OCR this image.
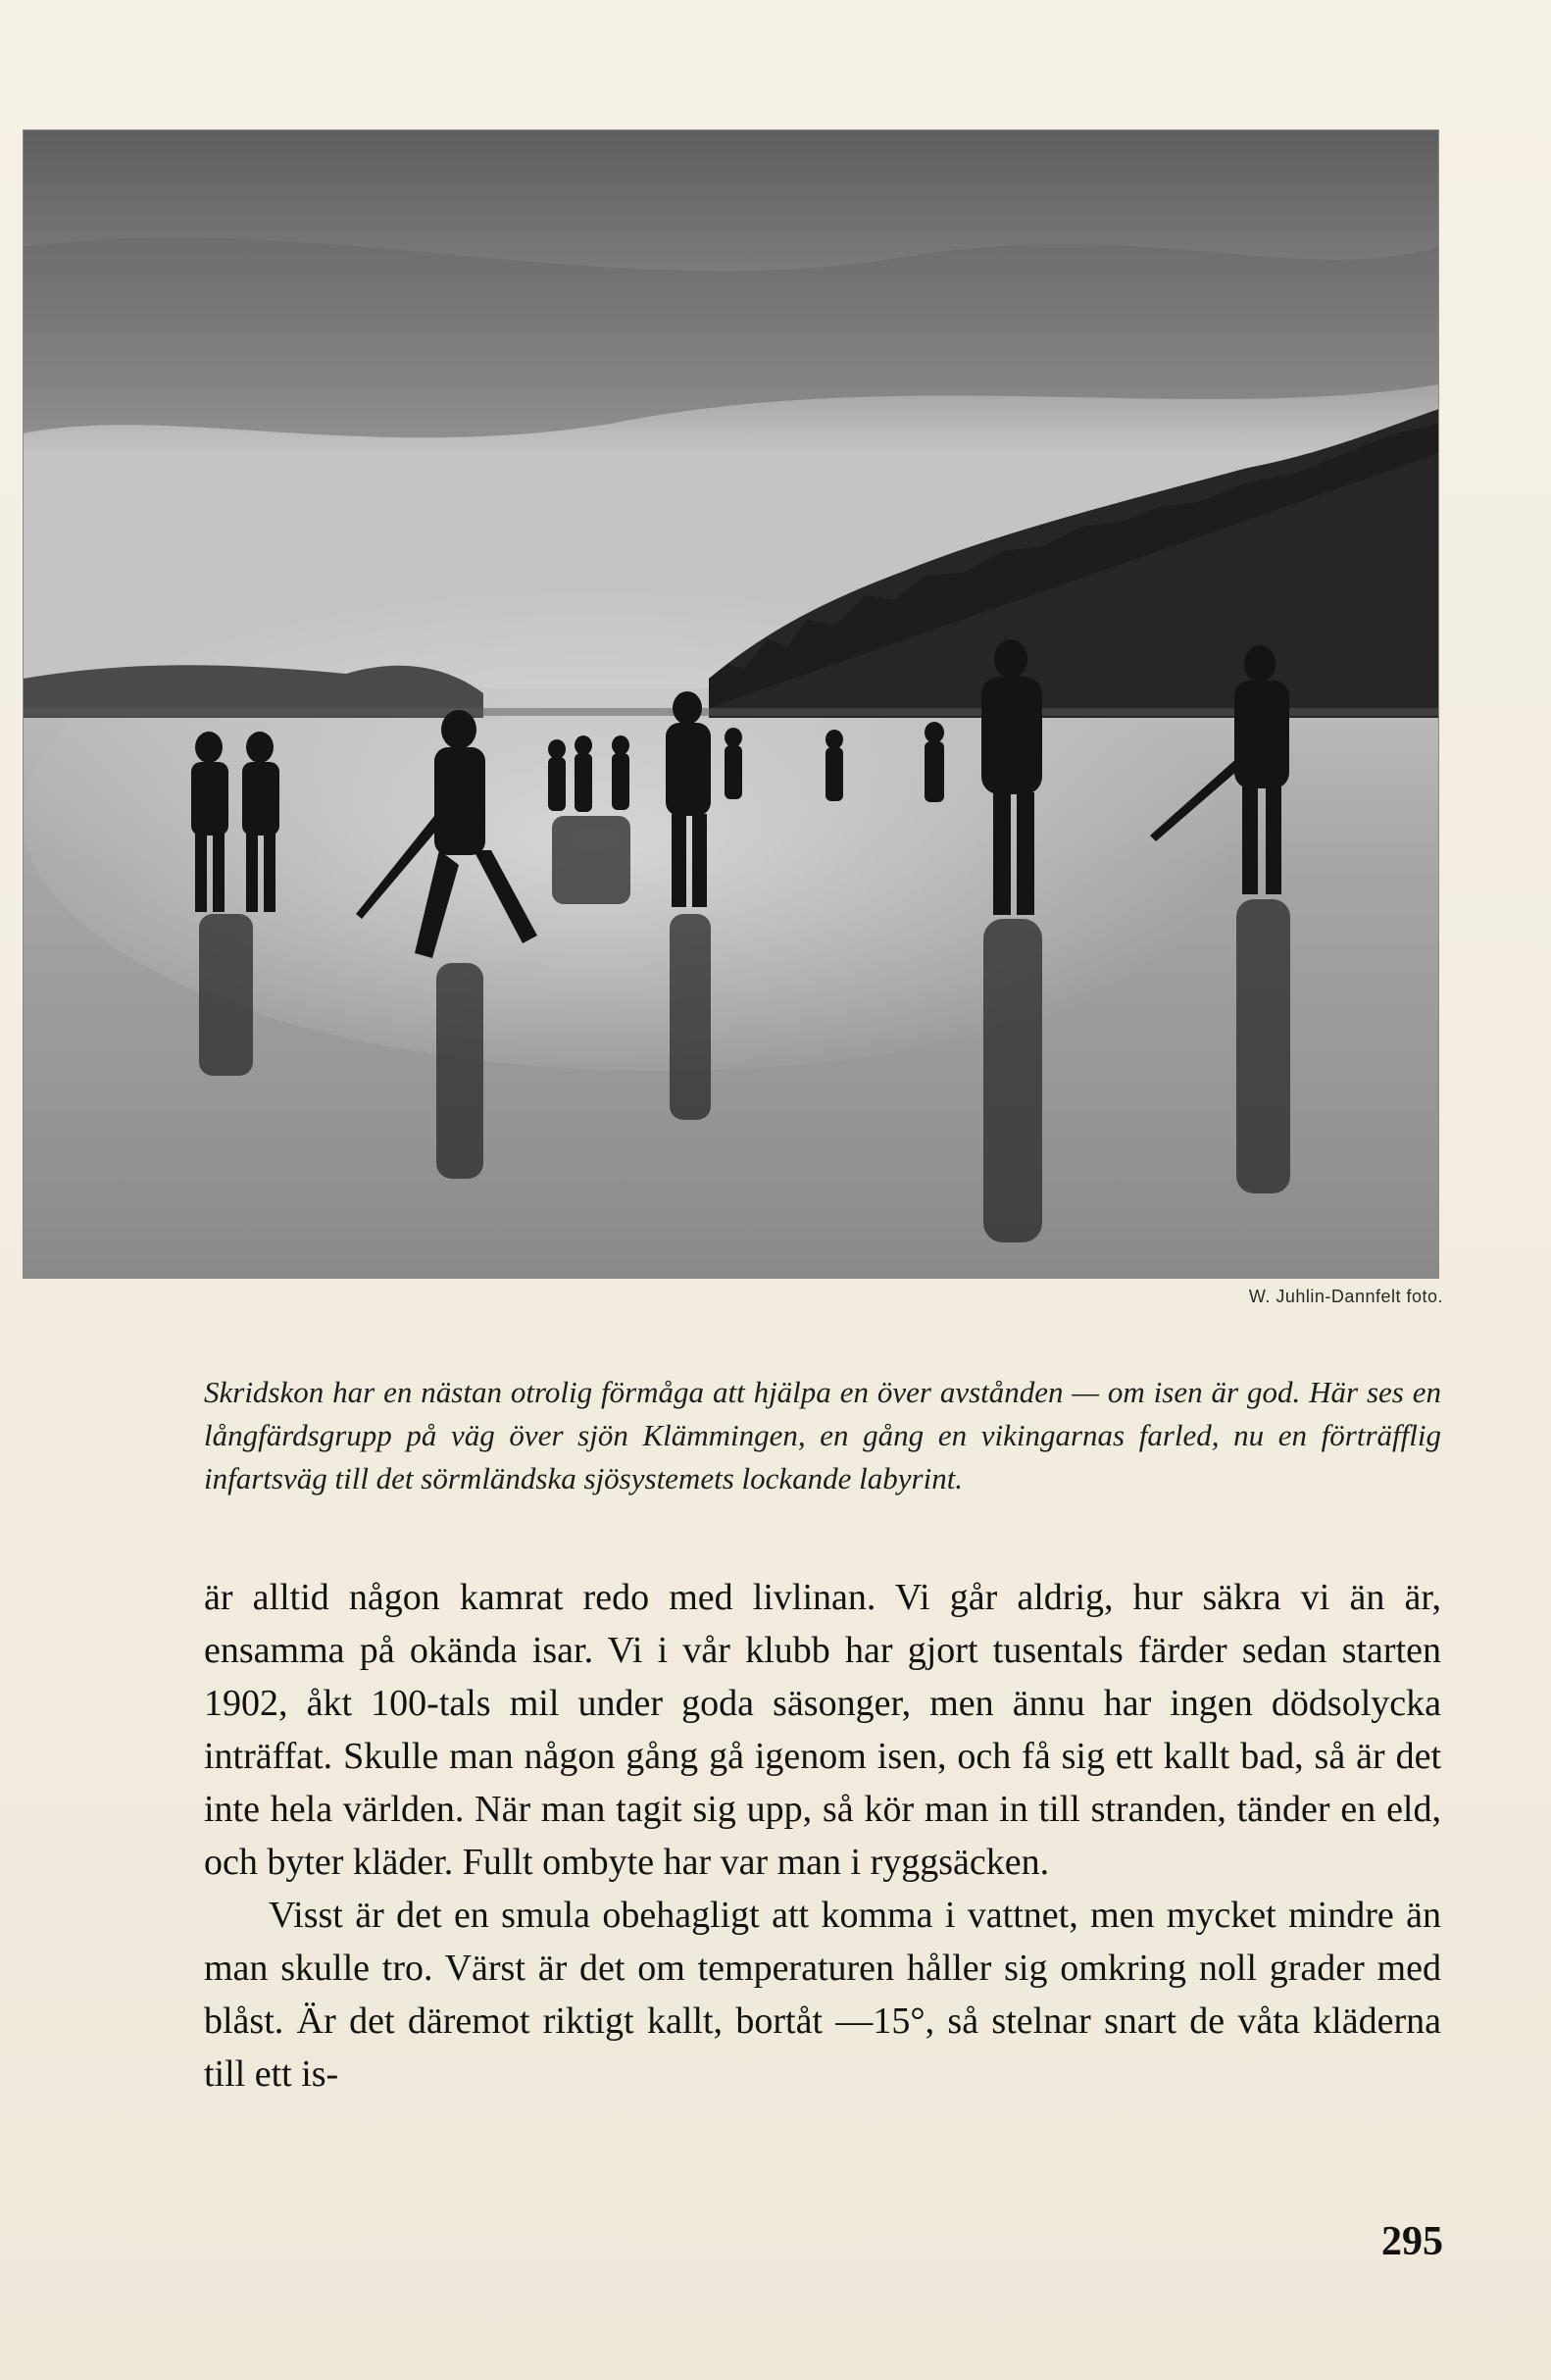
W. Juhlin-Dannfelt foto.

Skridskon har en nästan otrolig förmåga att hjälpa en över avstånden — om isen är god. Här ses en långfärdsgrupp på väg över sjön Klämmingen, en gång en vikingarnas farled, nu en förträfflig infartsväg till det sörmländska sjösystemets lockande labyrint.

är alltid någon kamrat redo med livlinan. Vi går aldrig, hur säkra vi än är, ensamma på okända isar. Vi i vår klubb har gjort tusentals färder sedan starten 1902, åkt 100-tals mil under goda säsonger, men ännu har ingen dödsolycka inträffat. Skulle man någon gång gå igenom isen, och få sig ett kallt bad, så är det inte hela världen. När man tagit sig upp, så kör man in till stranden, tänder en eld, och byter kläder. Fullt ombyte har var man i ryggsäcken.

Visst är det en smula obehagligt att komma i vattnet, men mycket mindre än man skulle tro. Värst är det om temperaturen håller sig omkring noll grader med blåst. Är det däremot riktigt kallt, bortåt —15°, så stelnar snart de våta kläderna till ett is-

295
